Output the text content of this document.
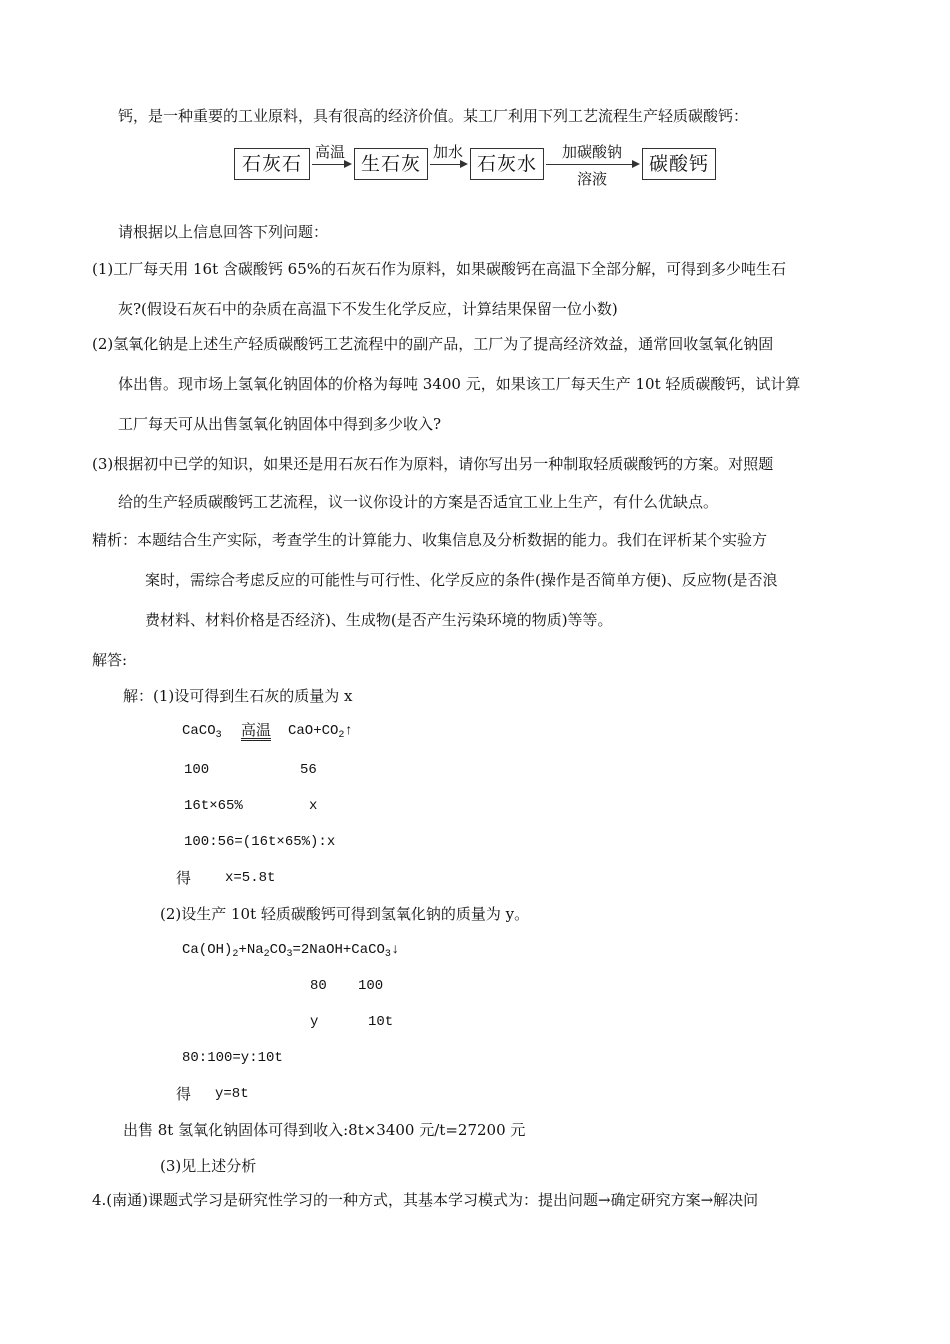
钙，是一种重要的工业原料，具有很高的经济价值。某工厂利用下列工艺流程生产轻质碳酸钙：
石灰石
高温
生石灰
加水
石灰水
加碳酸钠
溶液
碳酸钙
请根据以上信息回答下列问题：
(1)工厂每天用 16t 含碳酸钙 65%的石灰石作为原料，如果碳酸钙在高温下全部分解，可得到多少吨生石
灰?(假设石灰石中的杂质在高温下不发生化学反应，计算结果保留一位小数)
(2)氢氧化钠是上述生产轻质碳酸钙工艺流程中的副产品，工厂为了提高经济效益，通常回收氢氧化钠固
体出售。现市场上氢氧化钠固体的价格为每吨 3400 元，如果该工厂每天生产 10t 轻质碳酸钙，试计算
工厂每天可从出售氢氧化钠固体中得到多少收入?
(3)根据初中已学的知识，如果还是用石灰石作为原料，请你写出另一种制取轻质碳酸钙的方案。对照题
给的生产轻质碳酸钙工艺流程，议一议你设计的方案是否适宜工业上生产，有什么优缺点。
精析：本题结合生产实际，考查学生的计算能力、收集信息及分析数据的能力。我们在评析某个实验方
案时，需综合考虑反应的可能性与可行性、化学反应的条件(操作是否简单方便)、反应物(是否浪
费材料、材料价格是否经济)、生成物(是否产生污染环境的物质)等等。
解答:
解：(1)设可得到生石灰的质量为 x
CaCO$_3$ 高温 $CaO+CO_2↑$
100	56
16t×65%	x
100:56=(16t×65%):x
得 x=5.8t
(2)设生产 10t 轻质碳酸钙可得到氢氧化钠的质量为 y。
$Ca(OH)_2+Na_2CO_3=2NaOH+CaCO_3↓$
80 100
y	10t
80:100=y:10t
得 y=8t
出售 8t 氢氧化钠固体可得到收入:8t×3400 元/t=27200 元
(3)见上述分析
4.(南通)课题式学习是研究性学习的一种方式，其基本学习模式为：提出问题→确定研究方案→解决问
